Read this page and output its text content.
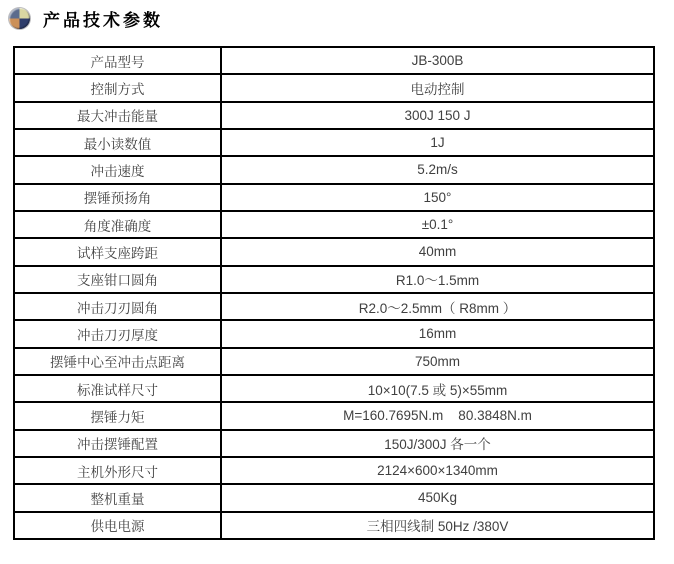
产品技术参数
产品型号	JB-300B
控制方式	电动控制
最大冲击能量	300J 150 J
最小读数值	1J
冲击速度	5.2m/s
摆锤预扬角	150°
角度准确度	±0.1°
试样支座跨距	40mm
支座钳口圆角	R1.0～1.5mm
冲击刀刃圆角	R2.0～2.5mm（ R8mm ）
冲击刀刃厚度	16mm
摆锤中心至冲击点距离	750mm
标准试样尺寸	10×10(7.5 或 5)×55mm
摆锤力矩	M=160.7695N.m    80.3848N.m
冲击摆锤配置	150J/300J 各一个
主机外形尺寸	2124×600×1340mm
整机重量	450Kg
供电电源	三相四线制 50Hz /380V
